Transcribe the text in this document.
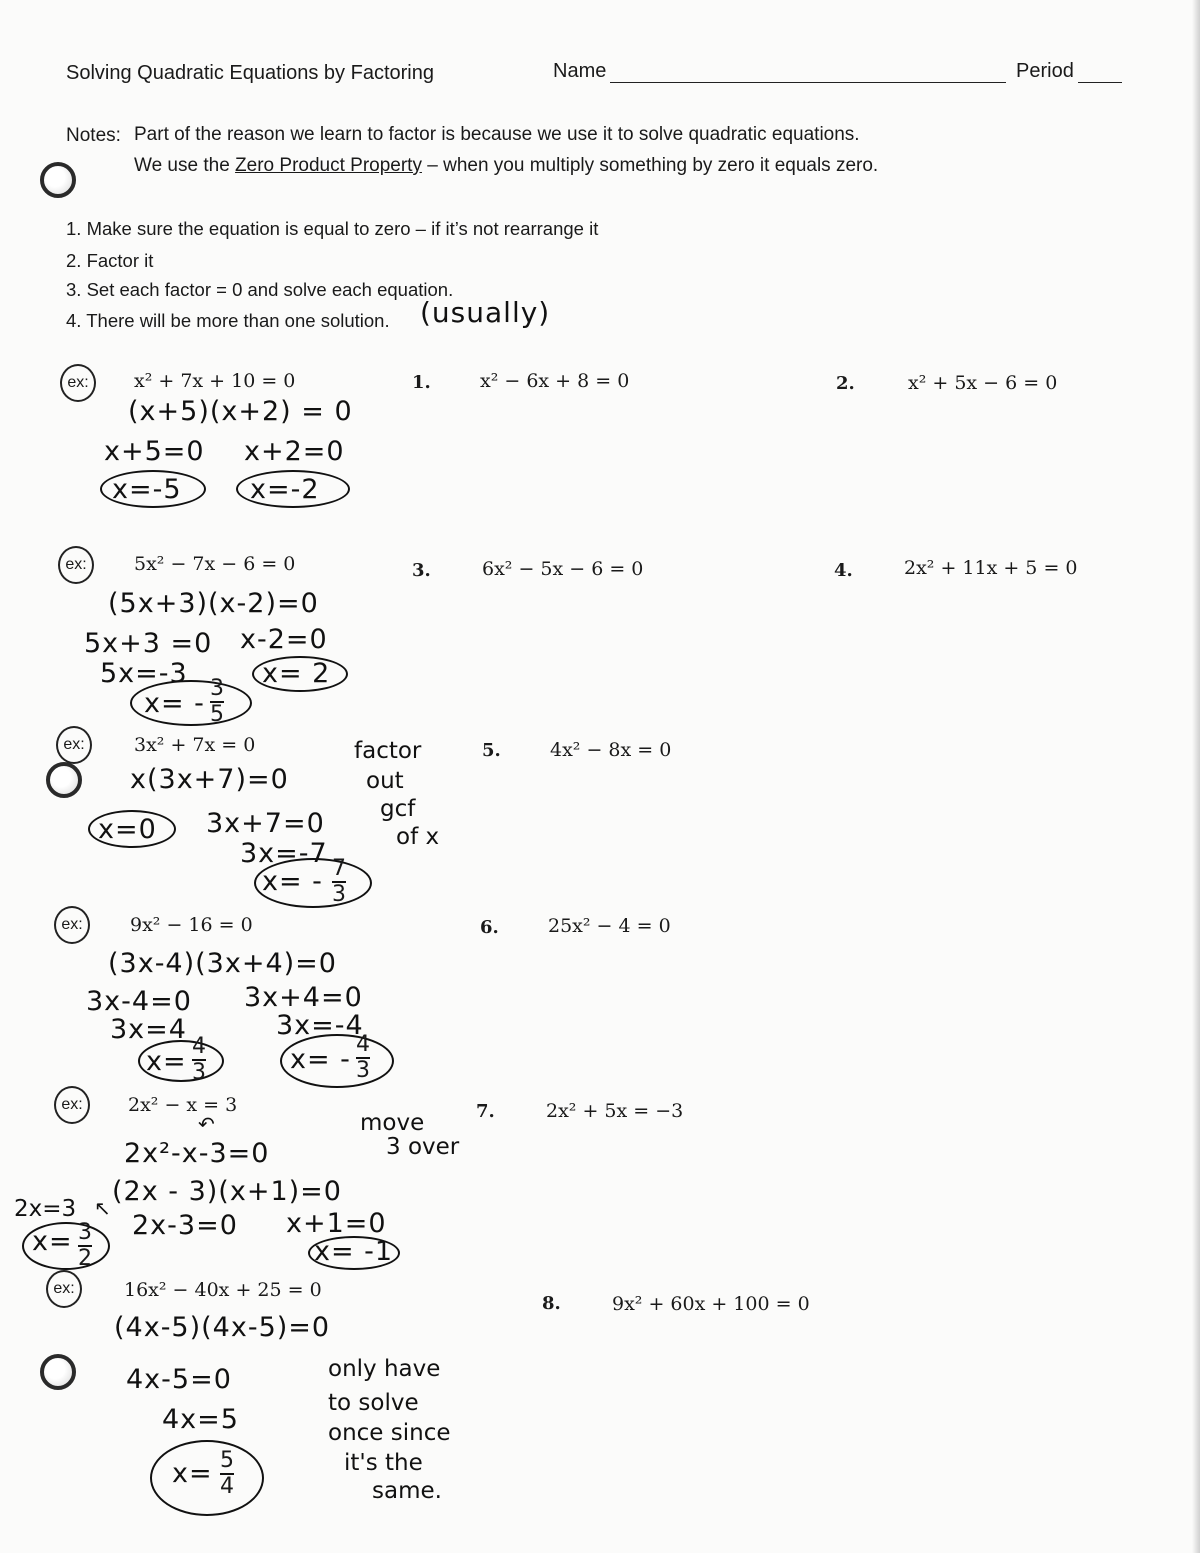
Solving Quadratic Equations by Factoring	Name	Period
Notes: Part of the reason we learn to factor is because we use it to solve quadratic equations.
We use the Zero Product Property – when you multiply something by zero it equals zero.
1. Make sure the equation is equal to zero – if it’s not rearrange it
2. Factor it
3. Set each factor = 0 and solve each equation.
4. There will be more than one solution. (usually)
ex:	x² + 7x + 10 = 0
(x+5)(x+2) = 0
x+5=0 x+2=0
x=-5	x=-2
ex:	5x² − 7x − 6 = 0
(5x+3)(x-2)=0
5x+3 =0 x-2=0
5x=-3	x= 2
x= - 3
5
ex:	3x² + 7x = 0
x(3x+7)=0
x=0 3x+7=0
3x=-7
x= - 7
3
factor
out
gcf
of x
ex:	9x² − 16 = 0
(3x-4)(3x+4)=0
3x-4=0 3x+4=0
3x=4	3x=-4
x= 4
3	x= - 4
3
ex:	2x² − x = 3
↶
2x²-x-3=0
move
3 over
(2x - 3)(x+1)=0
2x-3=0 x+1=0
2x=3 ↖
x= 3
2	x= -1
ex:	16x² − 40x + 25 = 0
(4x-5)(4x-5)=0
4x-5=0
4x=5
x= 5
4
only have
to solve
once since
it's the
same.
1.	x² − 6x + 8 = 0	2.	x² + 5x − 6 = 0
3.	6x² − 5x − 6 = 0	4.	2x² + 11x + 5 = 0
5.	4x² − 8x = 0
6.	25x² − 4 = 0
7.	2x² + 5x = −3
8.	9x² + 60x + 100 = 0
